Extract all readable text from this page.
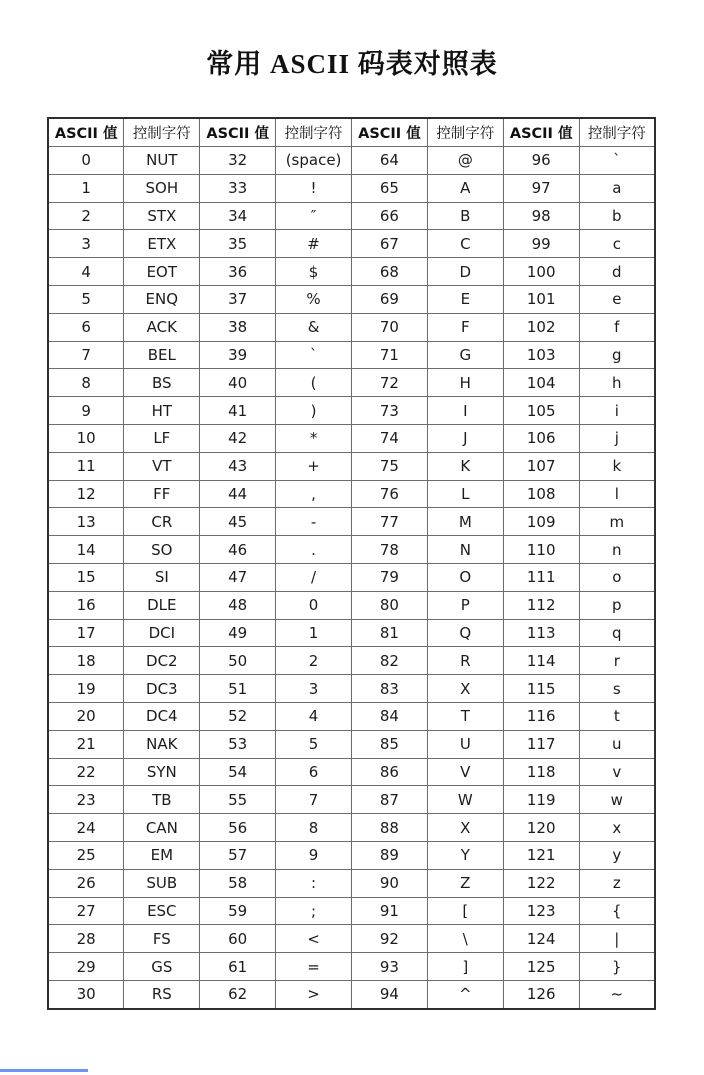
常用 ASCII 码表对照表
ASCII 值	控制字符	ASCII 值	控制字符	ASCII 值	控制字符	ASCII 值	控制字符
0	NUT	32	(space)	64	@	96	ˋ
1	SOH	33	!	65	A	97	a
2	STX	34	″	66	B	98	b
3	ETX	35	#	67	C	99	c
4	EOT	36	$	68	D	100	d
5	ENQ	37	%	69	E	101	e
6	ACK	38	&	70	F	102	f
7	BEL	39	`	71	G	103	g
8	BS	40	(	72	H	104	h
9	HT	41	)	73	I	105	i
10	LF	42	*	74	J	106	j
11	VT	43	+	75	K	107	k
12	FF	44	,	76	L	108	l
13	CR	45	-	77	M	109	m
14	SO	46	.	78	N	110	n
15	SI	47	/	79	O	111	o
16	DLE	48	0	80	P	112	p
17	DCI	49	1	81	Q	113	q
18	DC2	50	2	82	R	114	r
19	DC3	51	3	83	X	115	s
20	DC4	52	4	84	T	116	t
21	NAK	53	5	85	U	117	u
22	SYN	54	6	86	V	118	v
23	TB	55	7	87	W	119	w
24	CAN	56	8	88	X	120	x
25	EM	57	9	89	Y	121	y
26	SUB	58	:	90	Z	122	z
27	ESC	59	;	91	[	123	{
28	FS	60	<	92	\	124	|
29	GS	61	=	93	]	125	}
30	RS	62	>	94	^	126	~
